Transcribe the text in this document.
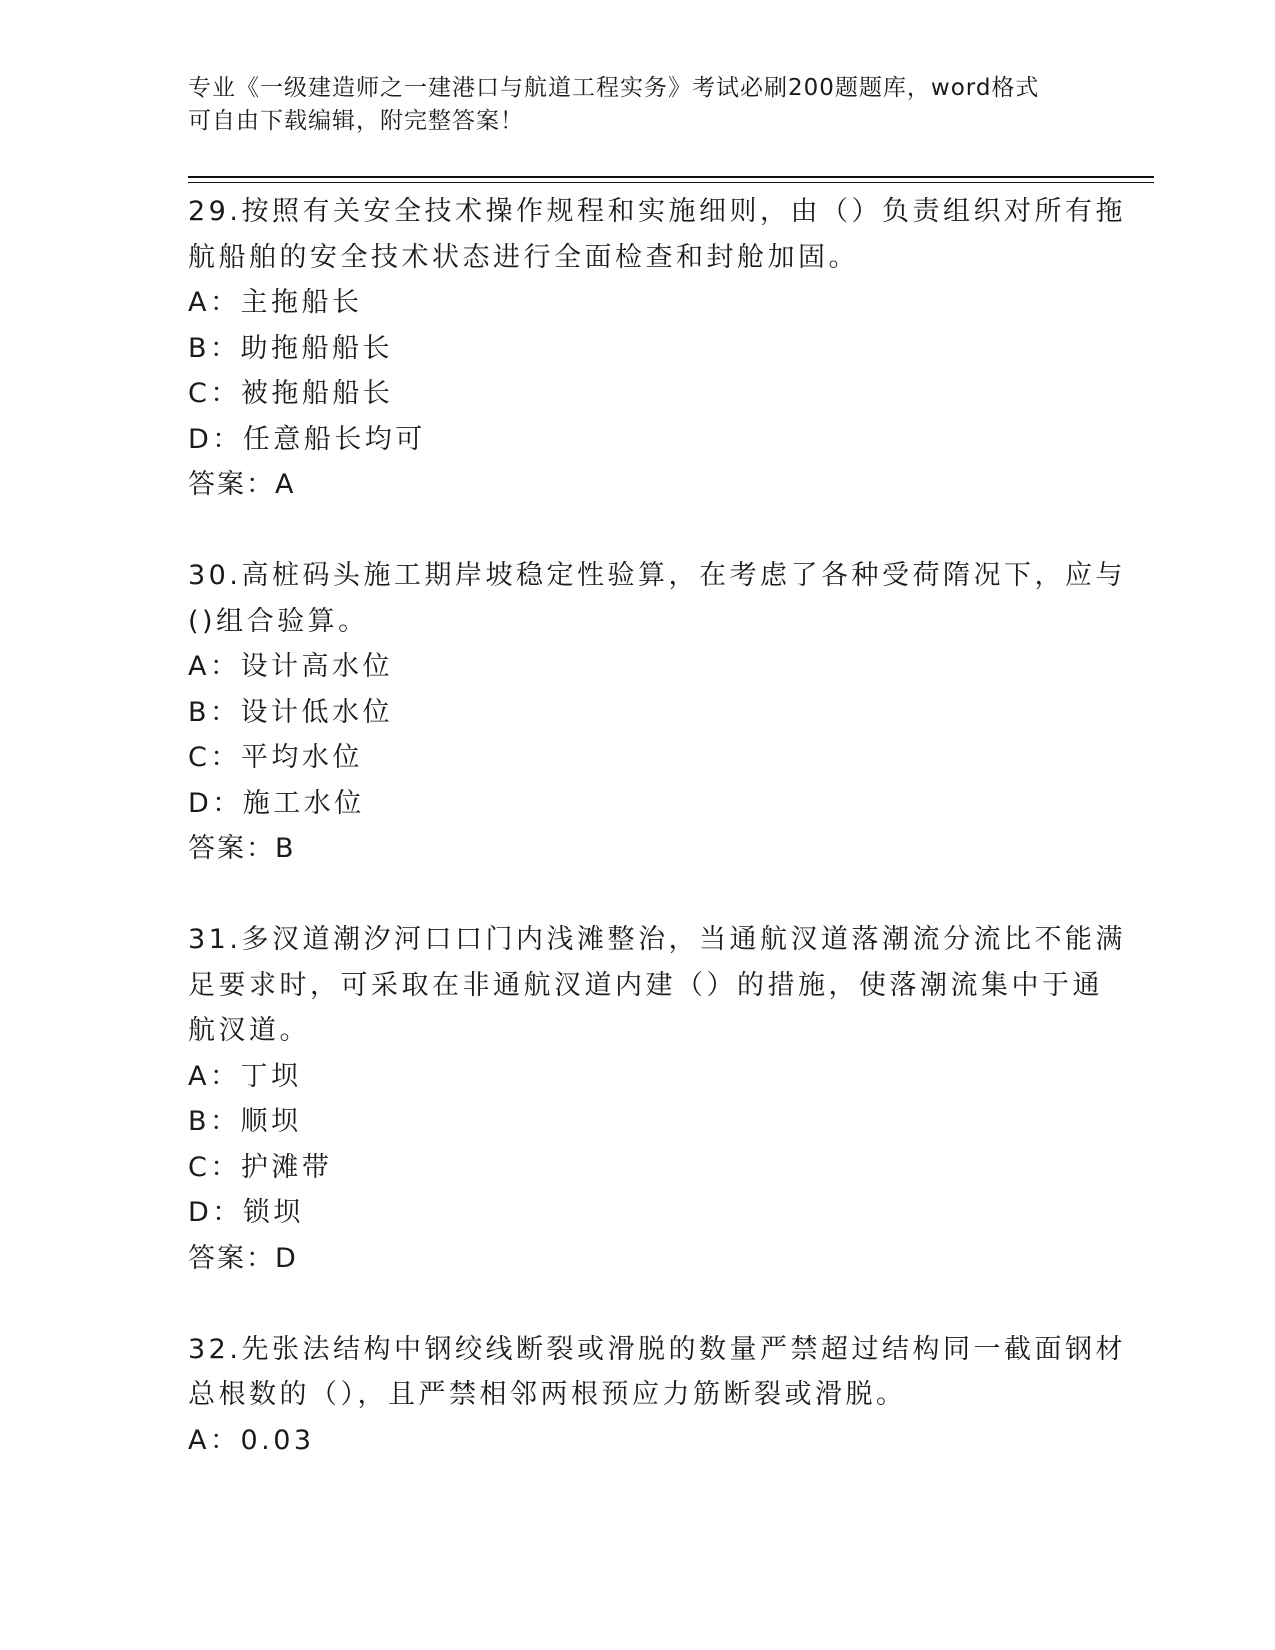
专业《一级建造师之一建港口与航道工程实务》考试必刷200题题库，word格式
可自由下载编辑，附完整答案！
29.按照有关安全技术操作规程和实施细则，由（）负责组织对所有拖
航船舶的安全技术状态进行全面检查和封舱加固。
A：主拖船长
B：助拖船船长
C：被拖船船长
D：任意船长均可
答案：A
30.高桩码头施工期岸坡稳定性验算，在考虑了各种受荷隋况下，应与
()组合验算。
A：设计高水位
B：设计低水位
C：平均水位
D：施工水位
答案：B
31.多汊道潮汐河口口门内浅滩整治，当通航汊道落潮流分流比不能满
足要求时，可采取在非通航汊道内建（）的措施，使落潮流集中于通
航汊道。
A：丁坝
B：顺坝
C：护滩带
D：锁坝
答案：D
32.先张法结构中钢绞线断裂或滑脱的数量严禁超过结构同一截面钢材
总根数的（），且严禁相邻两根预应力筋断裂或滑脱。
A：0.03
